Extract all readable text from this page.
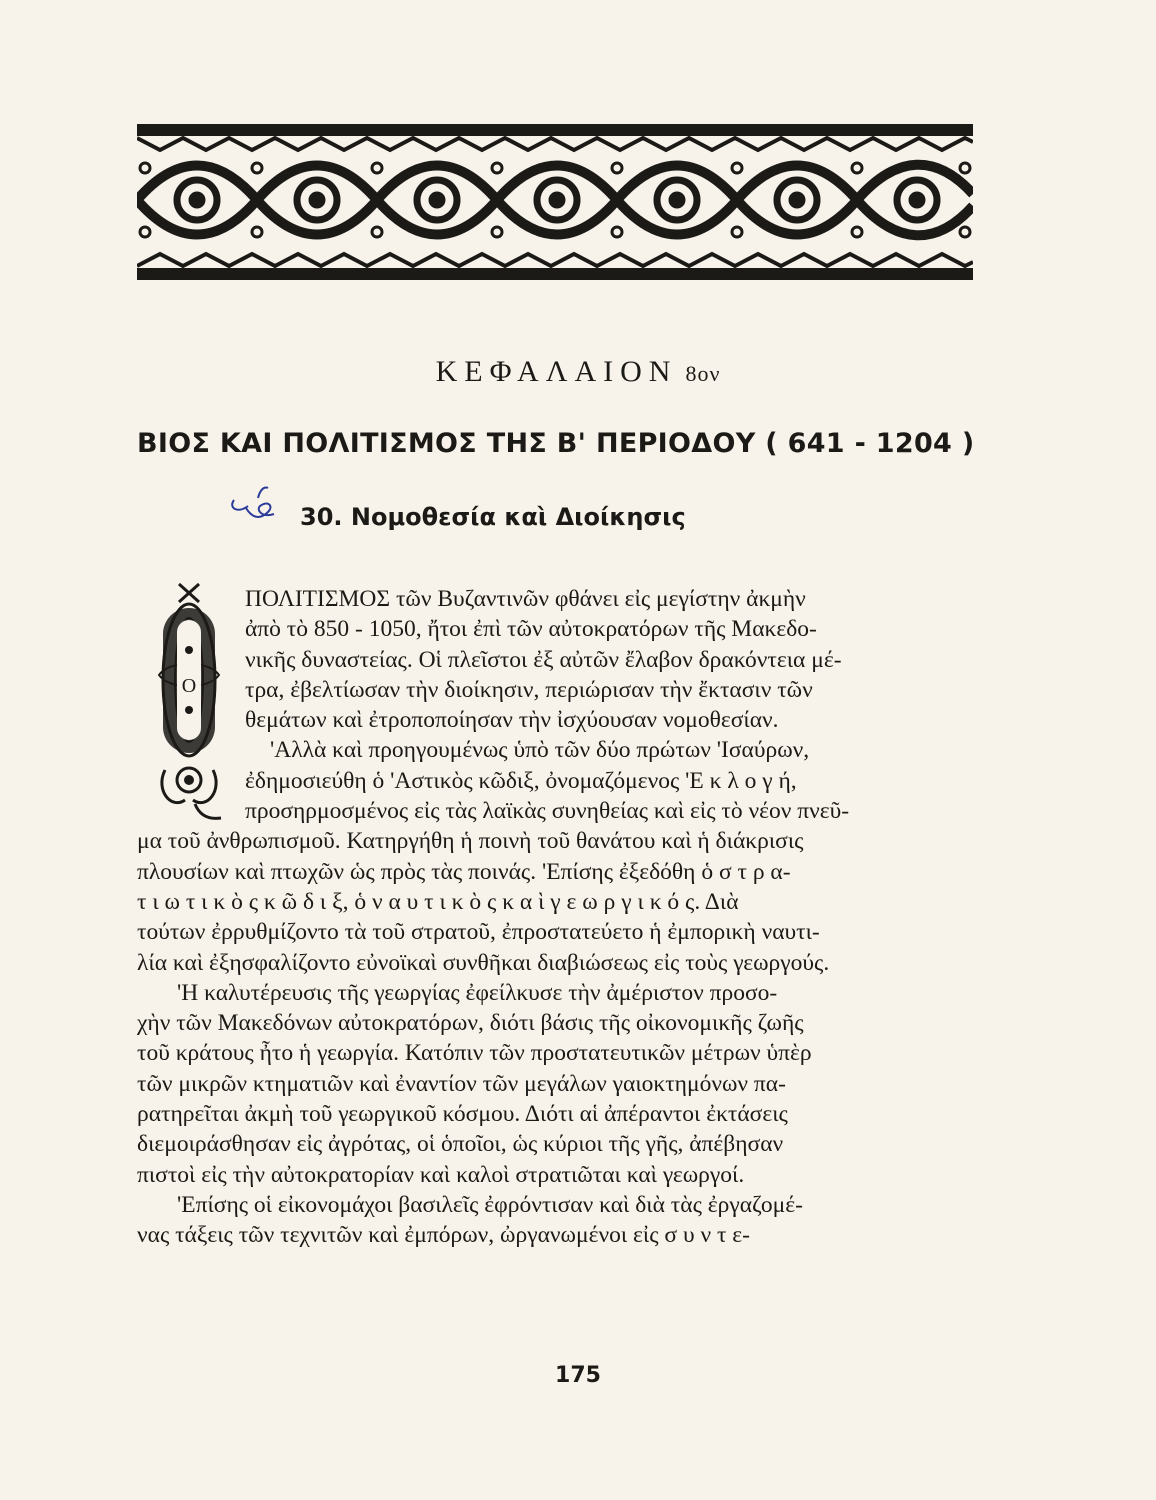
ΚΕΦΑΛΑΙΟΝ 8ον
ΒΙΟΣ ΚΑΙ ΠΟΛΙΤΙΣΜΟΣ ΤΗΣ Β' ΠΕΡΙΟΔΟΥ ( 641 - 1204 )
30. Νομοθεσία καὶ Διοίκησις
Ο
ΠΟΛΙΤΙΣΜΟΣ τῶν Βυζαντινῶν φθάνει εἰς μεγίστην ἀκμὴν
ἀπὸ τὸ 850 - 1050, ἤτοι ἐπὶ τῶν αὐτοκρατόρων τῆς Μακεδο-
νικῆς δυναστείας. Οἱ πλεῖστοι ἐξ αὐτῶν ἔλαβον δρακόντεια μέ-
τρα, ἐβελτίωσαν τὴν διοίκησιν, περιώρισαν τὴν ἔκτασιν τῶν
θεμάτων καὶ ἐτροποποίησαν τὴν ἰσχύουσαν νομοθεσίαν.
'Αλλὰ καὶ προηγουμένως ὑπὸ τῶν δύο πρώτων 'Ισαύρων,
ἐδημοσιεύθη ὁ 'Αστικὸς κῶδιξ, ὀνομαζόμενος 'Ε κ λ ο γ ή,
προσηρμοσμένος εἰς τὰς λαϊκὰς συνηθείας καὶ εἰς τὸ νέον πνεῦ-
μα τοῦ ἀνθρωπισμοῦ. Κατηργήθη ἡ ποινὴ τοῦ θανάτου καὶ ἡ διάκρισις
πλουσίων καὶ πτωχῶν ὡς πρὸς τὰς ποινάς. 'Επίσης ἐξεδόθη ὁ σ τ ρ α-
τ ι ω τ ι κ ὸ ς κ ῶ δ ι ξ, ὁ ν α υ τ ι κ ὸ ς κ α ὶ γ ε ω ρ γ ι κ ό ς. Διὰ
τούτων ἐρρυθμίζοντο τὰ τοῦ στρατοῦ, ἐπροστατεύετο ἡ ἐμπορικὴ ναυτι-
λία καὶ ἐξησφαλίζοντο εὐνοϊκαὶ συνθῆκαι διαβιώσεως εἰς τοὺς γεωργούς.
'Η καλυτέρευσις τῆς γεωργίας ἐφείλκυσε τὴν ἀμέριστον προσο-
χὴν τῶν Μακεδόνων αὐτοκρατόρων, διότι βάσις τῆς οἰκονομικῆς ζωῆς
τοῦ κράτους ἦτο ἡ γεωργία. Κατόπιν τῶν προστατευτικῶν μέτρων ὑπὲρ
τῶν μικρῶν κτηματιῶν καὶ ἐναντίον τῶν μεγάλων γαιοκτημόνων πα-
ρατηρεῖται ἀκμὴ τοῦ γεωργικοῦ κόσμου. Διότι αἱ ἀπέραντοι ἐκτάσεις
διεμοιράσθησαν εἰς ἀγρότας, οἱ ὁποῖοι, ὡς κύριοι τῆς γῆς, ἀπέβησαν
πιστοὶ εἰς τὴν αὐτοκρατορίαν καὶ καλοὶ στρατιῶται καὶ γεωργοί.
'Επίσης οἱ εἰκονομάχοι βασιλεῖς ἐφρόντισαν καὶ διὰ τὰς ἐργαζομέ-
νας τάξεις τῶν τεχνιτῶν καὶ ἐμπόρων, ὠργανωμένοι εἰς σ υ ν τ ε-
175
